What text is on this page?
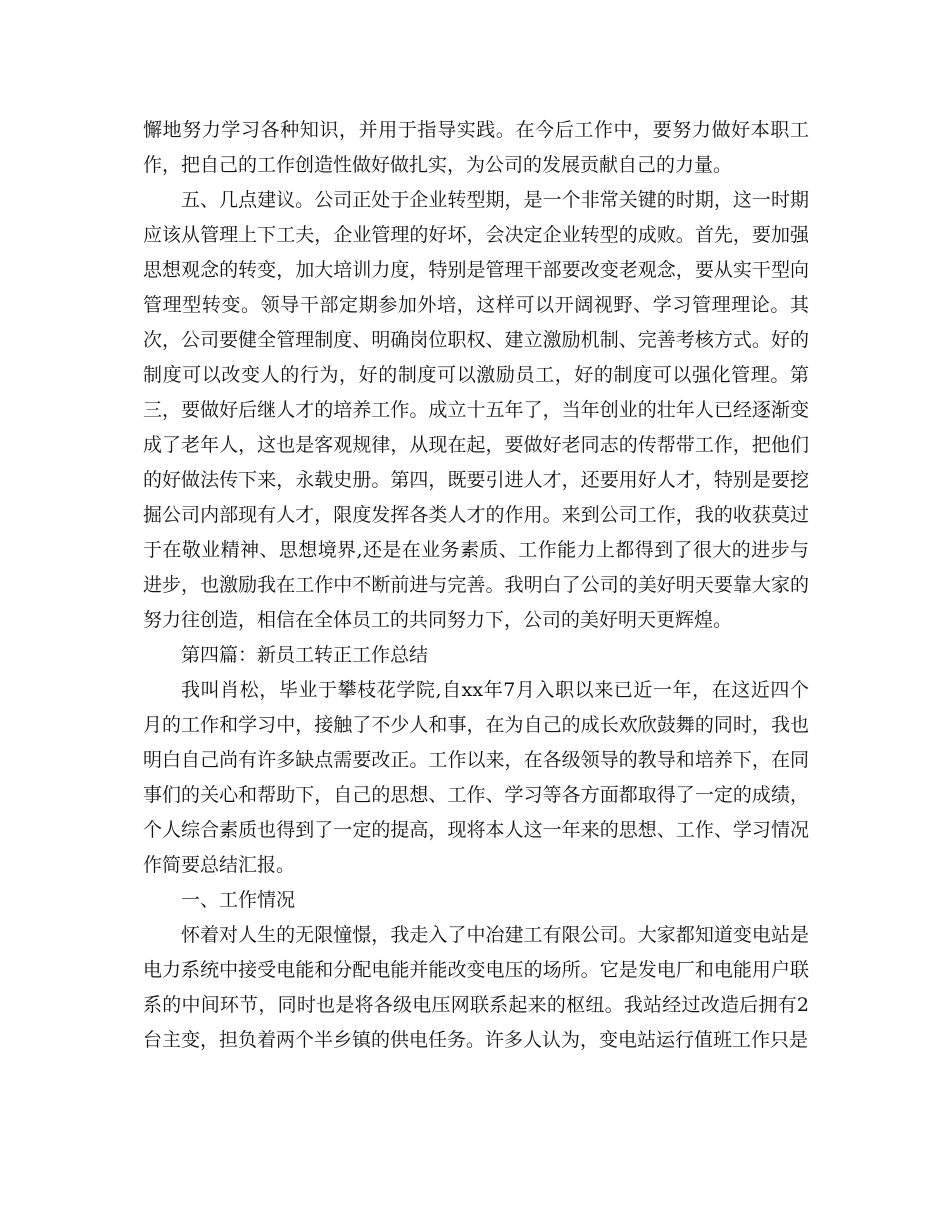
懈地努力学习各种知识，并用于指导实践。在今后工作中，要努力做好本职工作，把自己的工作创造性做好做扎实，为公司的发展贡献自己的力量。

五、几点建议。公司正处于企业转型期，是一个非常关键的时期，这一时期应该从管理上下工夫，企业管理的好坏，会决定企业转型的成败。首先，要加强思想观念的转变，加大培训力度，特别是管理干部要改变老观念，要从实干型向管理型转变。领导干部定期参加外培，这样可以开阔视野、学习管理理论。其次，公司要健全管理制度、明确岗位职权、建立激励机制、完善考核方式。好的制度可以改变人的行为，好的制度可以激励员工，好的制度可以强化管理。第三，要做好后继人才的培养工作。成立十五年了，当年创业的壮年人已经逐渐变成了老年人，这也是客观规律，从现在起，要做好老同志的传帮带工作，把他们的好做法传下来，永载史册。第四，既要引进人才，还要用好人才，特别是要挖掘公司内部现有人才，限度发挥各类人才的作用。来到公司工作，我的收获莫过于在敬业精神、思想境界,还是在业务素质、工作能力上都得到了很大的进步与进步，也激励我在工作中不断前进与完善。我明白了公司的美好明天要靠大家的努力往创造，相信在全体员工的共同努力下，公司的美好明天更辉煌。

第四篇：新员工转正工作总结

我叫肖松，毕业于攀枝花学院,自xx年7月入职以来已近一年，在这近四个月的工作和学习中，接触了不少人和事，在为自己的成长欢欣鼓舞的同时，我也明白自己尚有许多缺点需要改正。工作以来，在各级领导的教导和培养下，在同事们的关心和帮助下，自己的思想、工作、学习等各方面都取得了一定的成绩，个人综合素质也得到了一定的提高，现将本人这一年来的思想、工作、学习情况作简要总结汇报。

一、工作情况

怀着对人生的无限憧憬，我走入了中冶建工有限公司。大家都知道变电站是电力系统中接受电能和分配电能并能改变电压的场所。它是发电厂和电能用户联系的中间环节，同时也是将各级电压网联系起来的枢纽。我站经过改造后拥有2台主变，担负着两个半乡镇的供电任务。许多人认为，变电站运行值班工作只是
